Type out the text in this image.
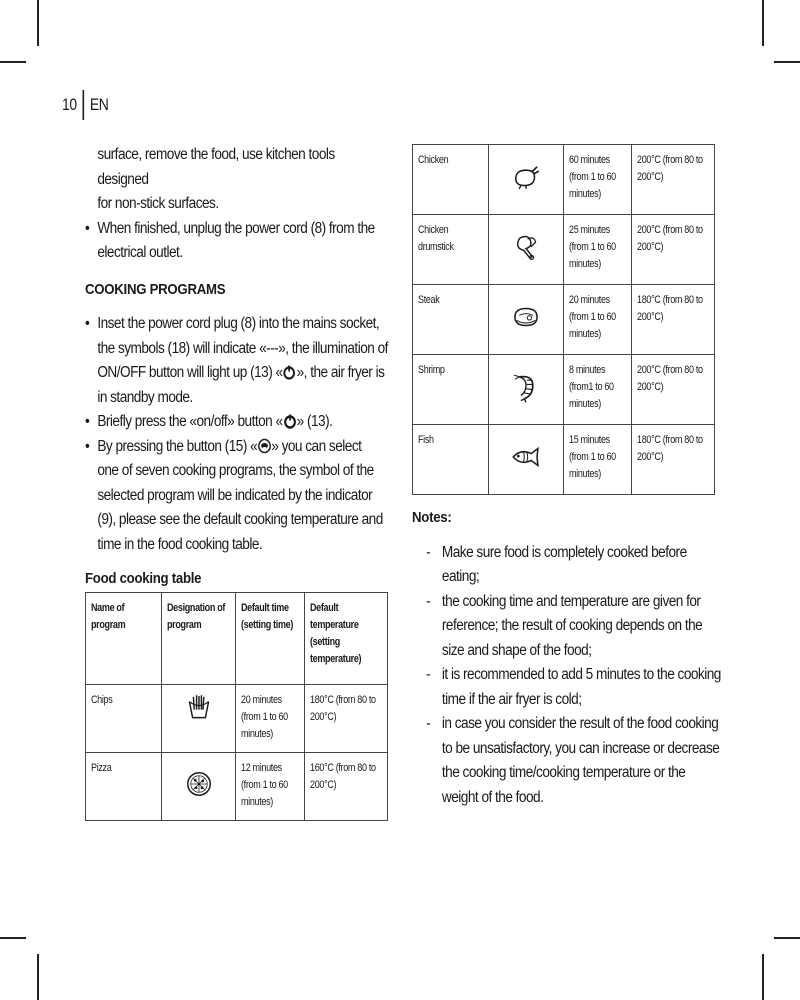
10 EN
surface, remove the food, use kitchen tools designed
for non-stick surfaces.
• When finished, unplug the power cord (8) from the
electrical outlet.

COOKING PROGRAMS

• Inset the power cord plug (8) into the mains socket,
the symbols (18) will indicate «---», the illumination of
ON/OFF button will light up (13) « », the air fryer is
in standby mode.
• Briefly press the «on/off» button « » (13).
• By pressing the button (15) « » you can select
one of seven cooking programs, the symbol of the
selected program will be indicated by the indicator
(9), please see the default cooking temperature and
time in the food cooking table.

Food cooking table

Name of program	Designation of program	Default time (setting time)	Default temperature (setting temperature)

Chips		20 minutes (from 1 to 60 minutes)	180°C (from 80 to 200°C)

Pizza		12 minutes (from 1 to 60 minutes)	160°C (from 80 to 200°C)
Chicken		60 minutes (from 1 to 60 minutes)	200°C (from 80 to 200°C)

Chicken drumstick		25 minutes (from 1 to 60 minutes)	200°C (from 80 to 200°C)

Steak		20 minutes (from 1 to 60 minutes)	180°C (from 80 to 200°C)

Shrimp		8 minutes (from1 to 60 minutes)	200°C (from 80 to 200°C)

Fish		15 minutes (from 1 to 60 minutes)	180°C (from 80 to 200°C)

Notes:

- Make sure food is completely cooked before
eating;
- the cooking time and temperature are given for
reference; the result of cooking depends on the
size and shape of the food;
- it is recommended to add 5 minutes to the cooking
time if the air fryer is cold;
- in case you consider the result of the food cooking
to be unsatisfactory, you can increase or decrease
the cooking time/cooking temperature or the
weight of the food.
